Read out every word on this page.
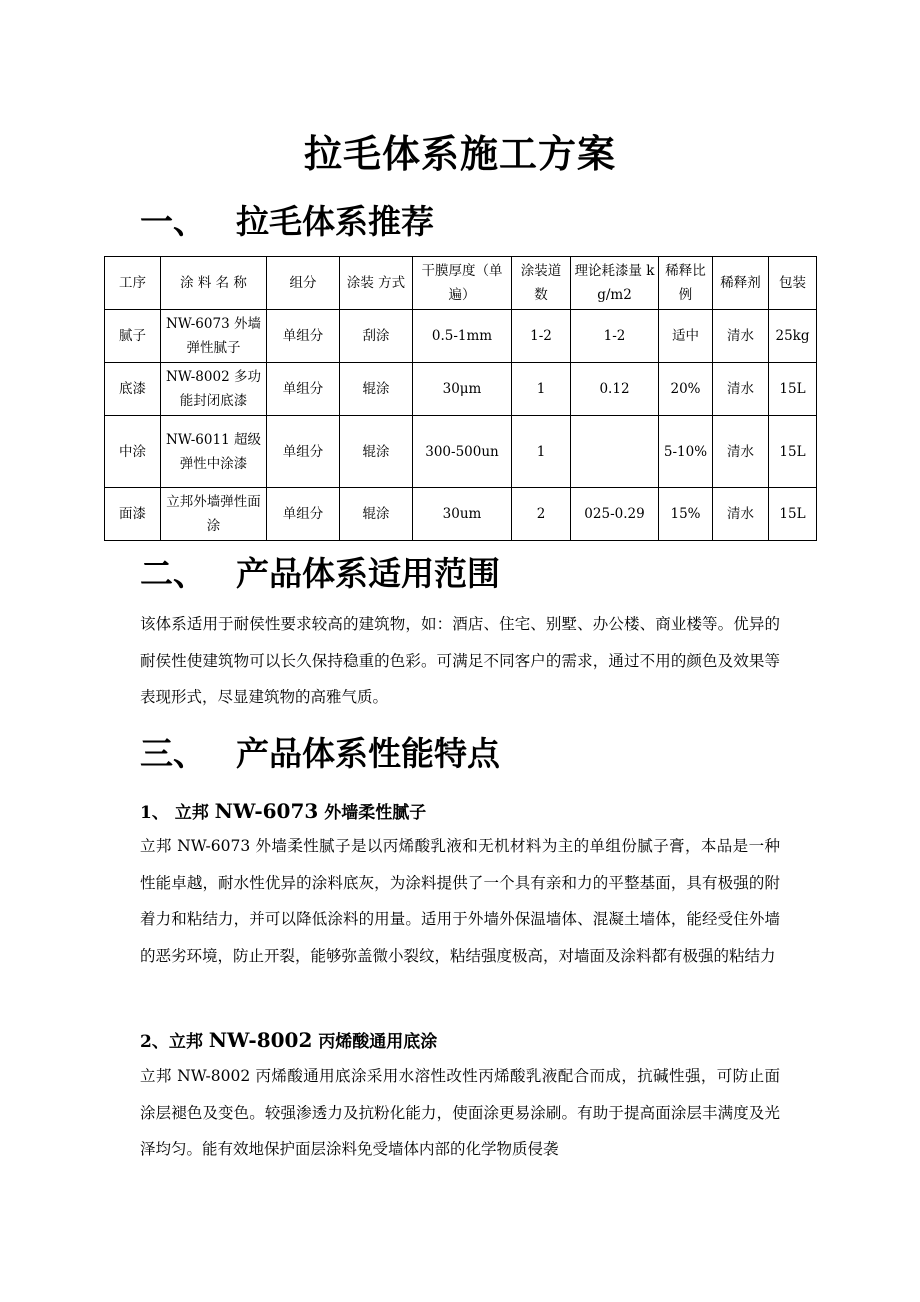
拉毛体系施工方案
一、 拉毛体系推荐
工序	涂 料 名 称	组分	涂装 方式	干膜厚度（单遍）	涂装道数	理论耗漆量 kg/m2	稀释比例	稀释剂	包装
腻子	NW-6073 外墙弹性腻子	单组分	刮涂	0.5-1mm	1-2	1-2	适中	清水	25kg
底漆	NW-8002 多功能封闭底漆	单组分	辊涂	30μm	1	0.12	20%	清水	15L
中涂	NW-6011 超级弹性中涂漆	单组分	辊涂	300-500un	1		5-10%	清水	15L
面漆	立邦外墙弹性面涂	单组分	辊涂	30um	2	025-0.29	15%	清水	15L
二、 产品体系适用范围
该体系适用于耐侯性要求较高的建筑物，如：酒店、住宅、别墅、办公楼、商业楼等。优异的耐侯性使建筑物可以长久保持稳重的色彩。可满足不同客户的需求，通过不用的颜色及效果等表现形式，尽显建筑物的高雅气质。
三、 产品体系性能特点
1、 立邦 NW-6073 外墙柔性腻子
立邦 NW-6073 外墙柔性腻子是以丙烯酸乳液和无机材料为主的单组份腻子膏，本品是一种性能卓越，耐水性优异的涂料底灰，为涂料提供了一个具有亲和力的平整基面，具有极强的附着力和粘结力，并可以降低涂料的用量。适用于外墙外保温墙体、混凝土墙体，能经受住外墙的恶劣环境，防止开裂，能够弥盖微小裂纹，粘结强度极高，对墙面及涂料都有极强的粘结力
2、立邦 NW-8002 丙烯酸通用底涂
立邦 NW-8002 丙烯酸通用底涂采用水溶性改性丙烯酸乳液配合而成，抗碱性强，可防止面涂层褪色及变色。较强渗透力及抗粉化能力，使面涂更易涂刷。有助于提高面涂层丰满度及光泽均匀。能有效地保护面层涂料免受墙体内部的化学物质侵袭
